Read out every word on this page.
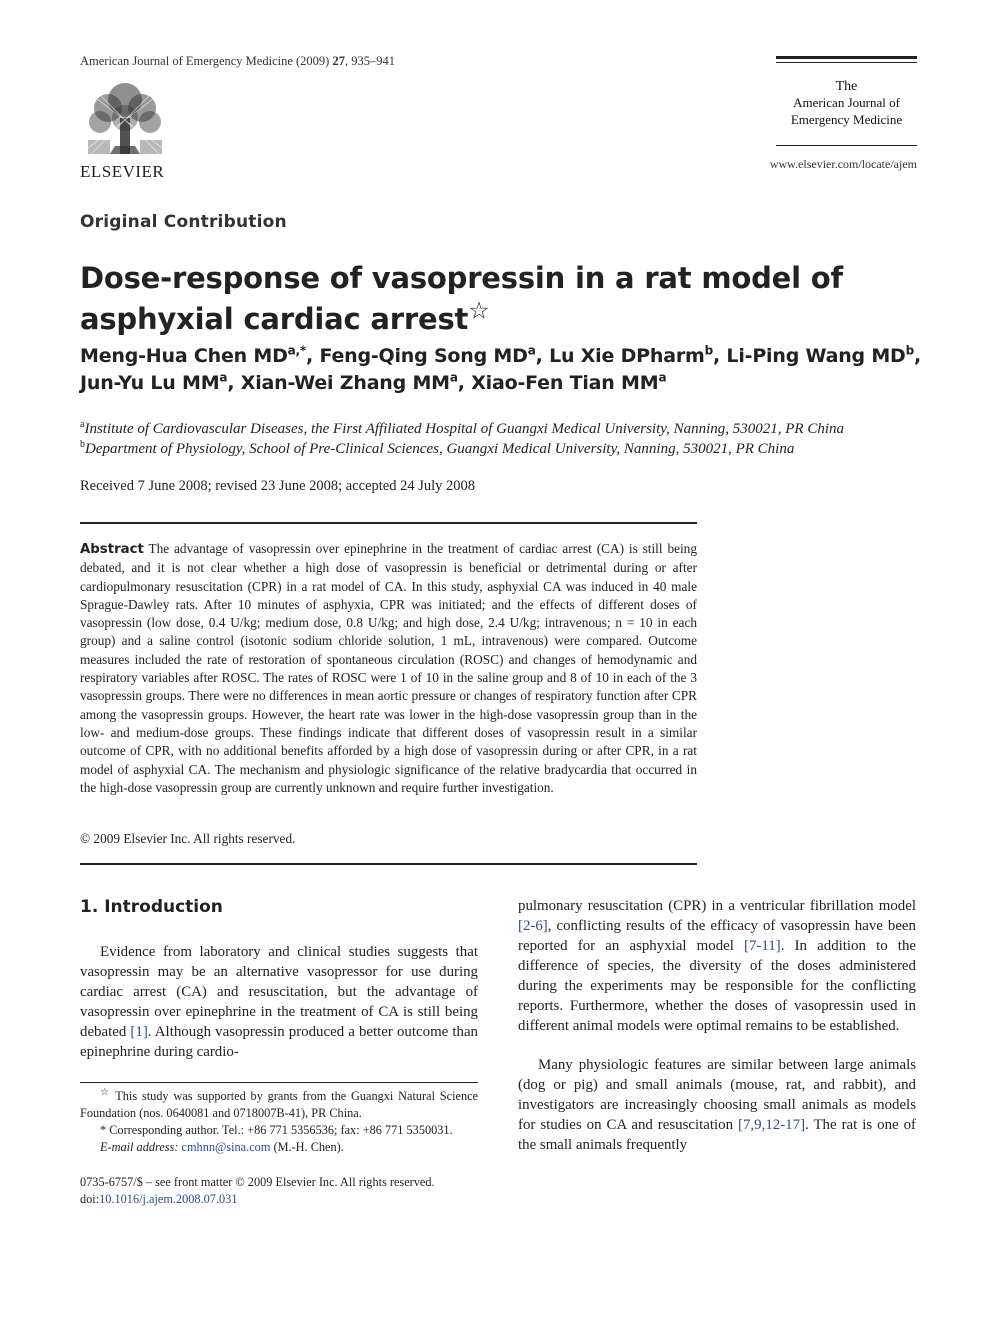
American Journal of Emergency Medicine (2009) 27, 935–941
ELSEVIER
The
American Journal of
Emergency Medicine
www.elsevier.com/locate/ajem
Original Contribution
Dose-response of vasopressin in a rat model of asphyxial cardiac arrest☆
Meng-Hua Chen $MD^{a,*}$, Feng-Qing Song $MD^a$, Lu Xie DPharm$^b$, Li-Ping Wang $MD^b$,
Jun-Yu Lu $MM^a$, Xian-Wei Zhang $MM^a$, Xiao-Fen Tian $MM^a$
$^a$Institute of Cardiovascular Diseases, the First Affiliated Hospital of Guangxi Medical University, Nanning, 530021, PR China
$^b$Department of Physiology, School of Pre-Clinical Sciences, Guangxi Medical University, Nanning, 530021, PR China
Received 7 June 2008; revised 23 June 2008; accepted 24 July 2008
Abstract The advantage of vasopressin over epinephrine in the treatment of cardiac arrest (CA) is still being debated, and it is not clear whether a high dose of vasopressin is beneficial or detrimental during or after cardiopulmonary resuscitation (CPR) in a rat model of CA. In this study, asphyxial CA was induced in 40 male Sprague-Dawley rats. After 10 minutes of asphyxia, CPR was initiated; and the effects of different doses of vasopressin (low dose, 0.4 U/kg; medium dose, 0.8 U/kg; and high dose, 2.4 U/kg; intravenous; n = 10 in each group) and a saline control (isotonic sodium chloride solution, 1 mL, intravenous) were compared. Outcome measures included the rate of restoration of spontaneous circulation (ROSC) and changes of hemodynamic and respiratory variables after ROSC. The rates of ROSC were 1 of 10 in the saline group and 8 of 10 in each of the 3 vasopressin groups. There were no differences in mean aortic pressure or changes of respiratory function after CPR among the vasopressin groups. However, the heart rate was lower in the high-dose vasopressin group than in the low- and medium-dose groups. These findings indicate that different doses of vasopressin result in a similar outcome of CPR, with no additional benefits afforded by a high dose of vasopressin during or after CPR, in a rat model of asphyxial CA. The mechanism and physiologic significance of the relative bradycardia that occurred in the high-dose vasopressin group are currently unknown and require further investigation.
© 2009 Elsevier Inc. All rights reserved.
1. Introduction
Evidence from laboratory and clinical studies suggests that vasopressin may be an alternative vasopressor for use during cardiac arrest (CA) and resuscitation, but the advantage of vasopressin over epinephrine in the treatment of CA is still being debated [1]. Although vasopressin produced a better outcome than epinephrine during cardio-
pulmonary resuscitation (CPR) in a ventricular fibrillation model [2-6], conflicting results of the efficacy of vasopressin have been reported for an asphyxial model [7-11]. In addition to the difference of species, the diversity of the doses administered during the experiments may be responsible for the conflicting reports. Furthermore, whether the doses of vasopressin used in different animal models were optimal remains to be established.
Many physiologic features are similar between large animals (dog or pig) and small animals (mouse, rat, and rabbit), and investigators are increasingly choosing small animals as models for studies on CA and resuscitation [7,9,12-17]. The rat is one of the small animals frequently
☆ This study was supported by grants from the Guangxi Natural Science Foundation (nos. 0640081 and 0718007B-41), PR China.
* Corresponding author. Tel.: +86 771 5356536; fax: +86 771 5350031.
E-mail address: cmhnn@sina.com (M.-H. Chen).
0735-6757/$ – see front matter © 2009 Elsevier Inc. All rights reserved.
doi:10.1016/j.ajem.2008.07.031
